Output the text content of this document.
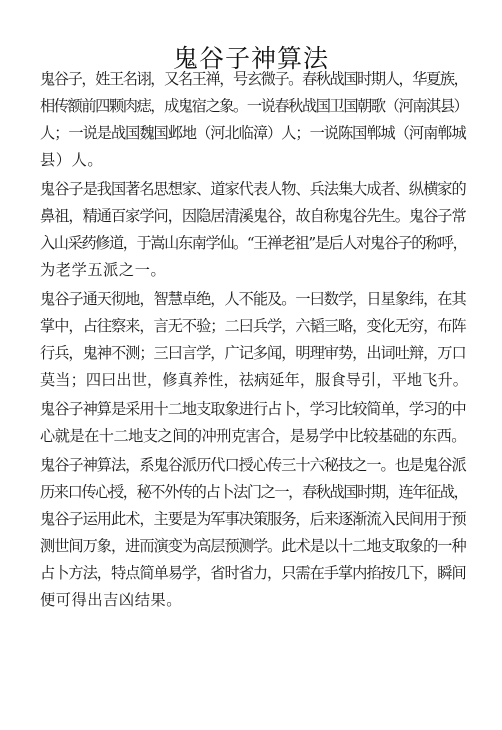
鬼谷子神算法

鬼谷子，姓王名诩，又名王禅，号玄微子。春秋战国时期人，华夏族，
相传额前四颗肉痣，成鬼宿之象。一说春秋战国卫国朝歌（河南淇县）
人；一说是战国魏国邺地（河北临漳）人；一说陈国郸城（河南郸城
县）人。

鬼谷子是我国著名思想家、道家代表人物、兵法集大成者、纵横家的
鼻祖，精通百家学问，因隐居清溪鬼谷，故自称鬼谷先生。鬼谷子常
入山采药修道，于嵩山东南学仙。“王禅老祖”是后人对鬼谷子的称呼，
为老学五派之一。

鬼谷子通天彻地，智慧卓绝，人不能及。一曰数学，日星象纬，在其
掌中，占往察来，言无不验；二曰兵学，六韬三略，变化无穷，布阵
行兵，鬼神不测；三曰言学，广记多闻，明理审势，出词吐辩，万口
莫当；四曰出世，修真养性，祛病延年，服食导引，平地飞升。

鬼谷子神算是采用十二地支取象进行占卜，学习比较简单，学习的中
心就是在十二地支之间的冲刑克害合，是易学中比较基础的东西。

鬼谷子神算法，系鬼谷派历代口授心传三十六秘技之一。也是鬼谷派
历来口传心授，秘不外传的占卜法门之一，春秋战国时期，连年征战，
鬼谷子运用此术，主要是为军事决策服务，后来逐渐流入民间用于预
测世间万象，进而演变为高层预测学。此术是以十二地支取象的一种
占卜方法，特点简单易学，省时省力，只需在手掌内掐按几下，瞬间
便可得出吉凶结果。
